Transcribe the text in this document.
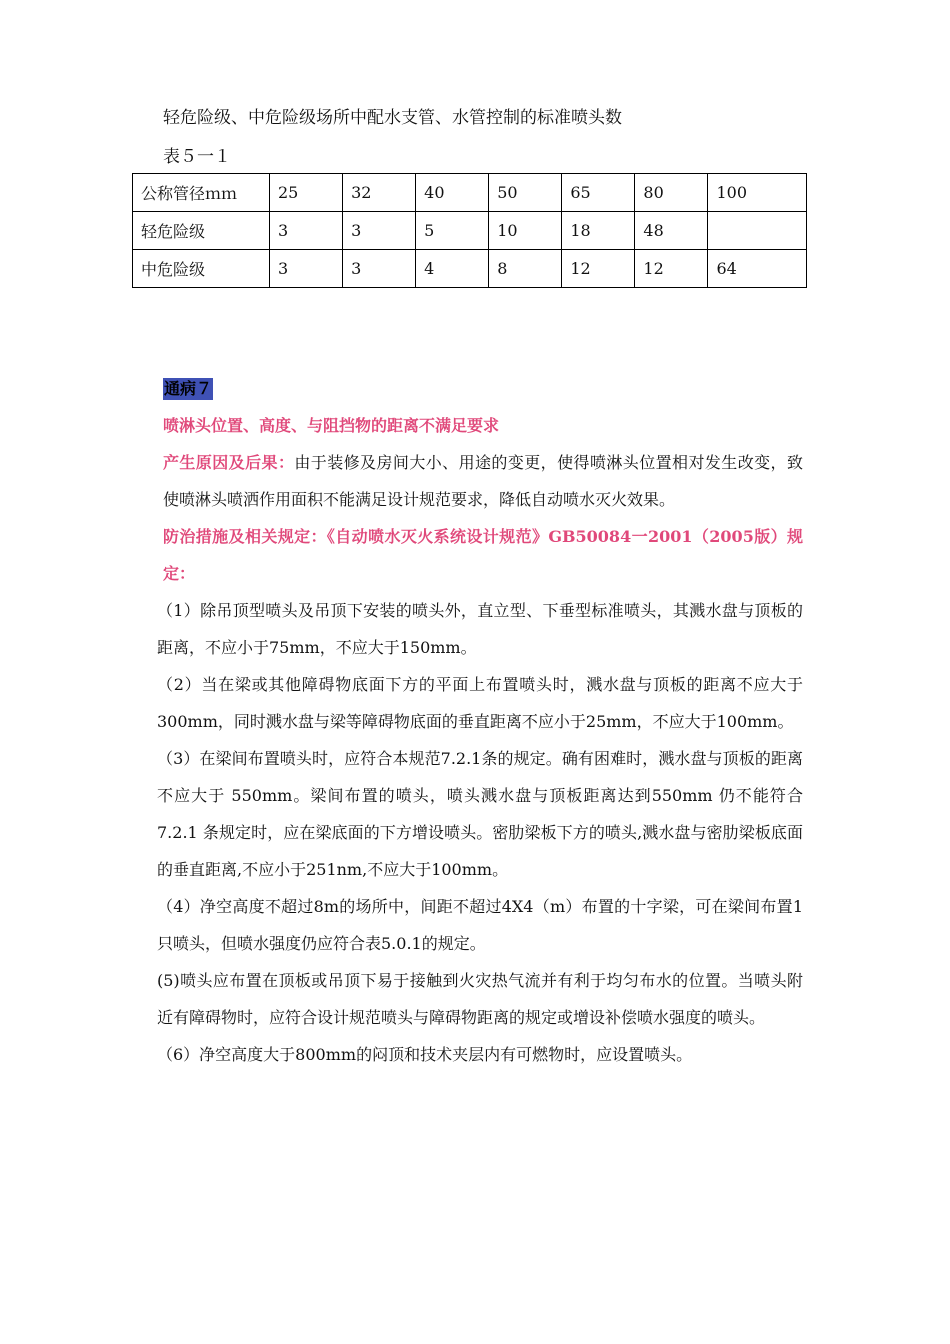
轻危险级、中危险级场所中配水支管、水管控制的标准喷头数
表５一１
公称管径ｍｍ	25	32	40	50	65	80	100
轻危险级	3	3	5	10	18	48	
中危险级	3	3	4	8	12	12	64
通病７
喷淋头位置、高度、与阻挡物的距离不满足要求

产生原因及后果：由于装修及房间大小、用途的变更，使得喷淋头位置相对发生改变，致使喷淋头喷洒作用面积不能满足设计规范要求，降低自动喷水灭火效果。

防治措施及相关规定：《自动喷水灭火系统设计规范》GB50084一2001（2005版）规定：

（1）除吊顶型喷头及吊顶下安装的喷头外，直立型、下垂型标准喷头，其溅水盘与顶板的距离，不应小于75mm，不应大于150mm。

（2）当在梁或其他障碍物底面下方的平面上布置喷头时，溅水盘与顶板的距离不应大于300mm，同时溅水盘与梁等障碍物底面的垂直距离不应小于25mm，不应大于100mm。

（3）在梁间布置喷头时，应符合本规范7.2.1条的规定。确有困难时，溅水盘与顶板的距离不应大于 550mm。梁间布置的喷头，喷头溅水盘与顶板距离达到550mm 仍不能符合 7.2.1 条规定时，应在梁底面的下方增设喷头。密肋梁板下方的喷头,溅水盘与密肋梁板底面的垂直距离,不应小于251nm,不应大于100mm。

（4）净空高度不超过8m的场所中，间距不超过4X4（m）布置的十字梁，可在梁间布置1只喷头，但喷水强度仍应符合表5.0.1的规定。

(5)喷头应布置在顶板或吊顶下易于接触到火灾热气流并有利于均匀布水的位置。当喷头附近有障碍物时，应符合设计规范喷头与障碍物距离的规定或增设补偿喷水强度的喷头。

（6）净空高度大于800mm的闷顶和技术夹层内有可燃物时，应设置喷头。
